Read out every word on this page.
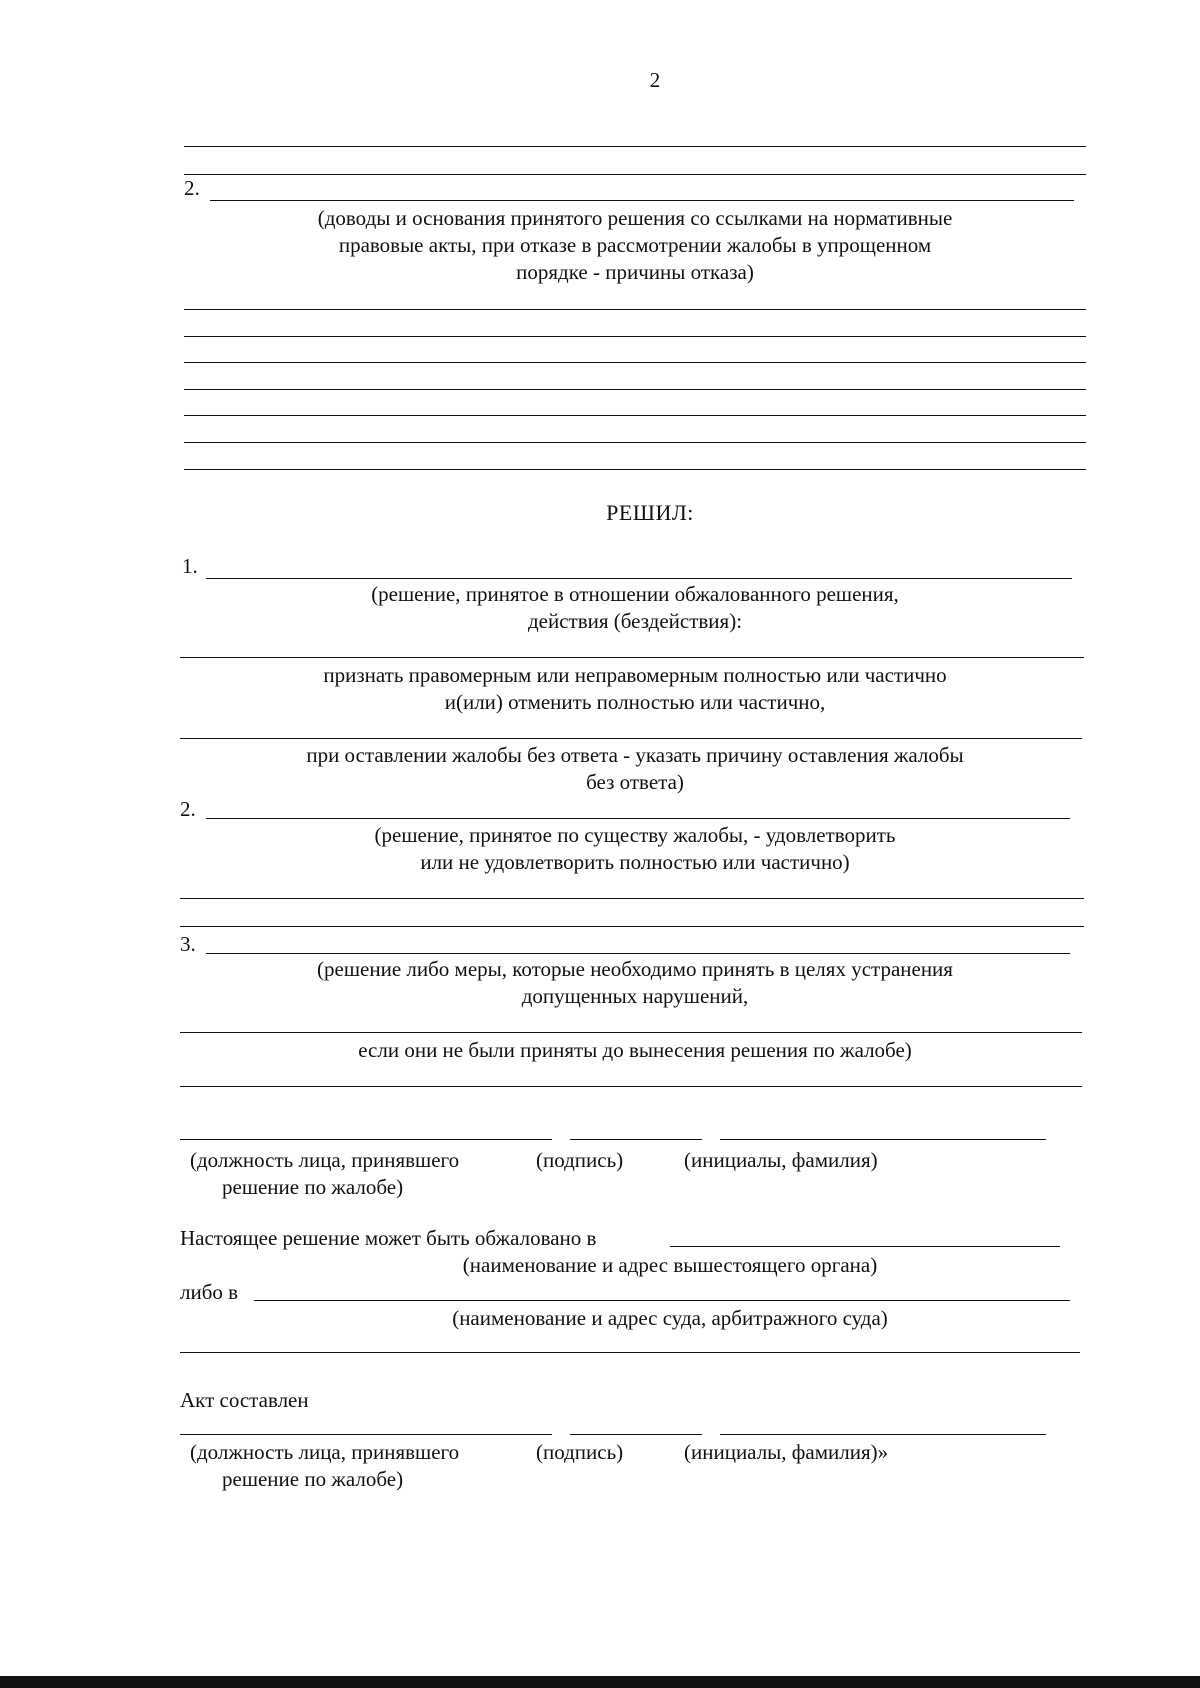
2
2.
(доводы и основания принятого решения со ссылками на нормативные
правовые акты, при отказе в рассмотрении жалобы в упрощенном
порядке - причины отказа)
РЕШИЛ:
1.
(решение, принятое в отношении обжалованного решения,
действия (бездействия):
признать правомерным или неправомерным полностью или частично
и(или) отменить полностью или частично,
при оставлении жалобы без ответа - указать причину оставления жалобы
без ответа)
2.
(решение, принятое по существу жалобы, - удовлетворить
или не удовлетворить полностью или частично)
3.
(решение либо меры, которые необходимо принять в целях устранения
допущенных нарушений,
если они не были приняты до вынесения решения по жалобе)
(должность лица, принявшего
решение по жалобе)
(подпись)	(инициалы, фамилия)
Настоящее решение может быть обжаловано в
(наименование и адрес вышестоящего органа)
либо в
(наименование и адрес суда, арбитражного суда)
Акт составлен
(должность лица, принявшего
решение по жалобе)
(подпись)	(инициалы, фамилия)»
